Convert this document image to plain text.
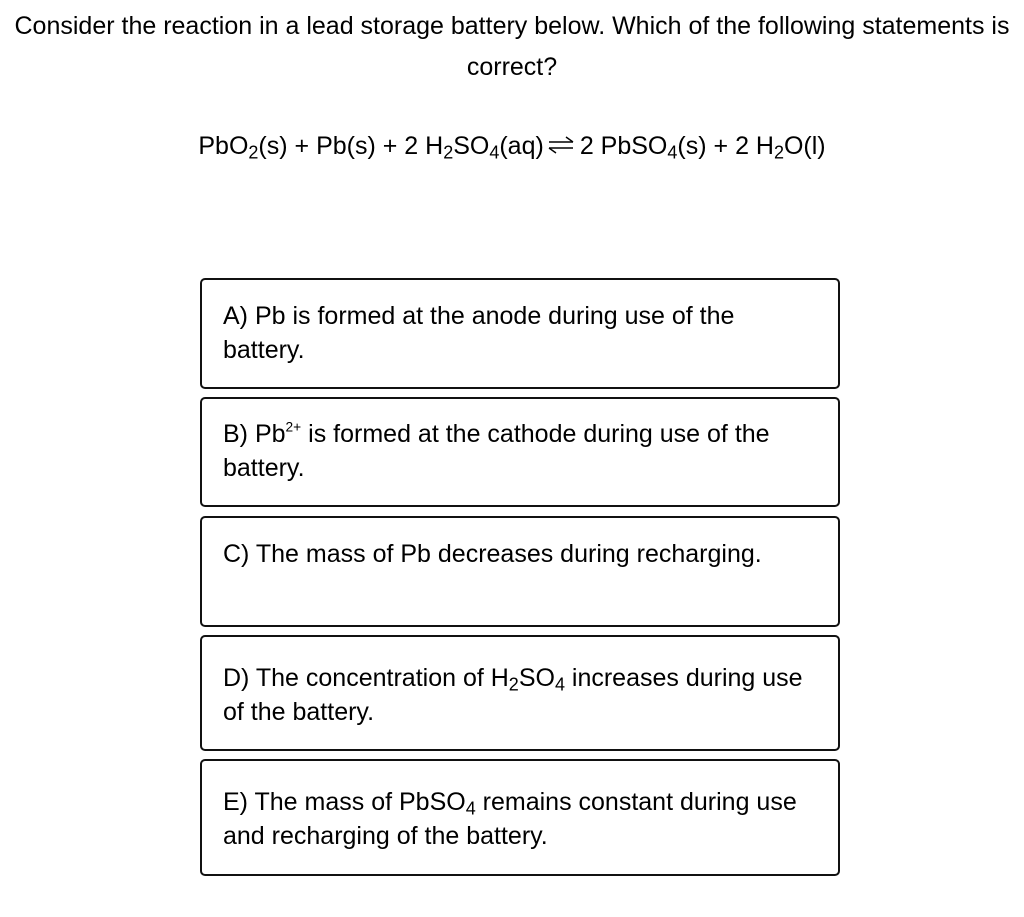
Consider the reaction in a lead storage battery below. Which of the following statements is correct?

PbO$_2$(s) + Pb(s) + 2 $H_2SO_4(aq)$ ⇌ 2 PbSO$_4$(s) + 2 $H_2O(l)$
A) Pb is formed at the anode during use of the battery.
B) $Pb^{2+}$ is formed at the cathode during use of the battery.
C) The mass of Pb decreases during recharging.
D) The concentration of $H_2SO_4$ increases during use of the battery.
E) The mass of PbSO$_4$ remains constant during use and recharging of the battery.
